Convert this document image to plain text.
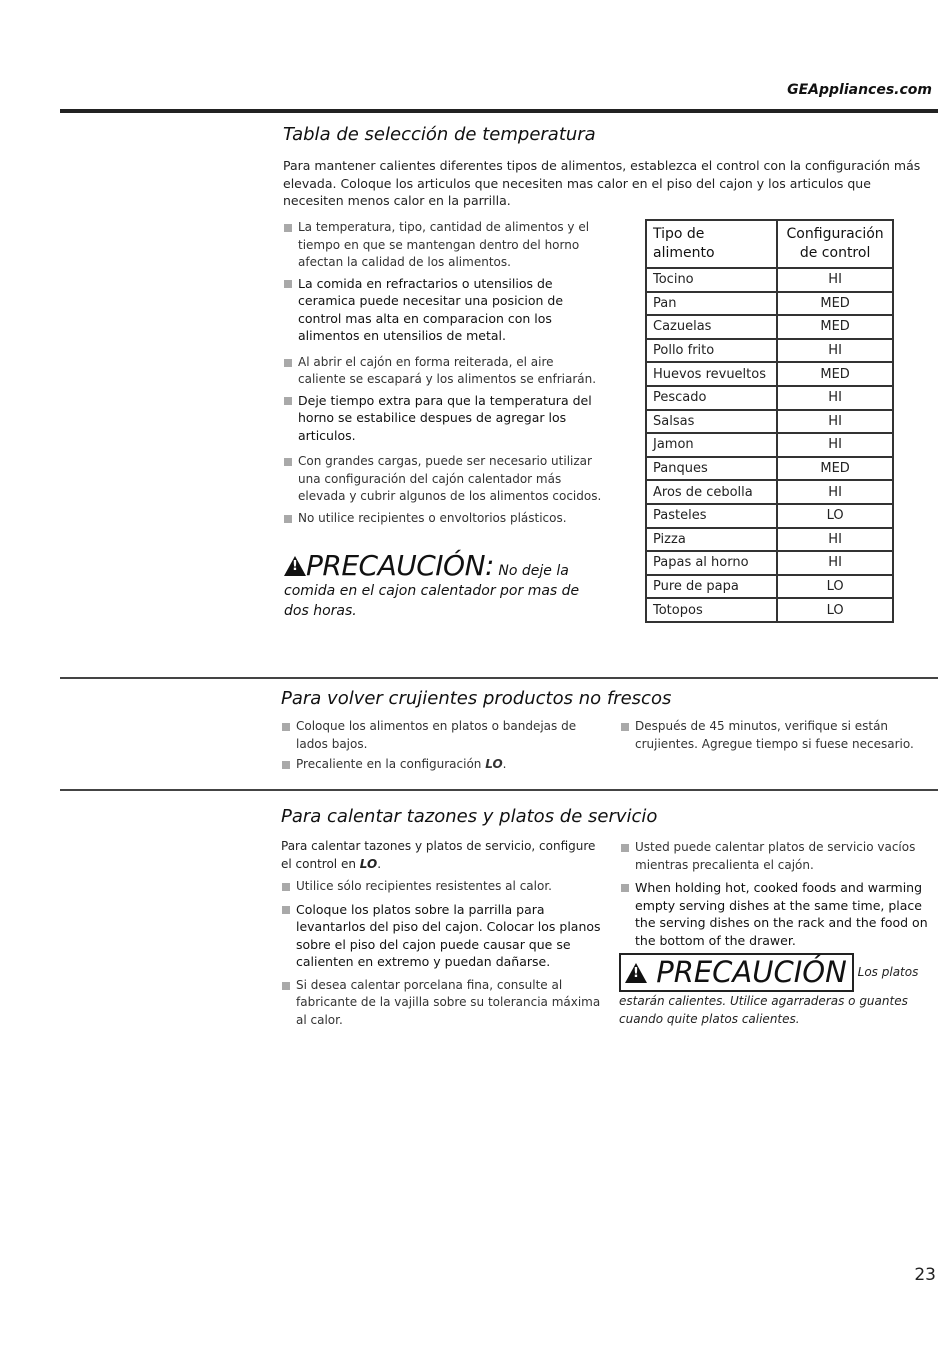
GEAppliances.com
Tabla de selección de temperatura
Para mantener calientes diferentes tipos de alimentos, establezca el control con la configuración más elevada. Coloque los articulos que necesiten mas calor en el piso del cajon y los articulos que necesiten menos calor en la parrilla.
La temperatura, tipo, cantidad de alimentos y el tiempo en que se mantengan dentro del horno afectan la calidad de los alimentos.
La comida en refractarios o utensilios de ceramica puede necesitar una posicion de control mas alta en comparacion con los alimentos en utensilios de metal.
Al abrir el cajón en forma reiterada, el aire caliente se escapará y los alimentos se enfriarán.
Deje tiempo extra para que la temperatura del horno se estabilice despues de agregar los articulos.
Con grandes cargas, puede ser necesario utilizar una configuración del cajón calentador más elevada y cubrir algunos de los alimentos cocidos.
No utilice recipientes o envoltorios plásticos.
!PRECAUCIÓN: No deje la comida en el cajon calentador por mas de dos horas.
Tipo de alimento	Configuración de control
Tocino	HI
Pan	MED
Cazuelas	MED
Pollo frito	HI
Huevos revueltos	MED
Pescado	HI
Salsas	HI
Jamon	HI
Panques	MED
Aros de cebolla	HI
Pasteles	LO
Pizza	HI
Papas al horno	HI
Pure de papa	LO
Totopos	LO
Para volver crujientes productos no frescos
Coloque los alimentos en platos o bandejas de lados bajos.
Precaliente en la configuración LO.
Después de 45 minutos, verifique si están crujientes. Agregue tiempo si fuese necesario.
Para calentar tazones y platos de servicio
Para calentar tazones y platos de servicio, configure el control en LO.
Utilice sólo recipientes resistentes al calor.
Coloque los platos sobre la parrilla para levantarlos del piso del cajon. Colocar los planos sobre el piso del cajon puede causar que se calienten en extremo y puedan dañarse.
Si desea calentar porcelana fina, consulte al fabricante de la vajilla sobre su tolerancia máxima al calor.
Usted puede calentar platos de servicio vacíos mientras precalienta el cajón.
When holding hot, cooked foods and warming empty serving dishes at the same time, place the serving dishes on the rack and the food on the bottom of the drawer.
! PRECAUCIÓN Los platos estarán calientes. Utilice agarraderas o guantes cuando quite platos calientes.
23
